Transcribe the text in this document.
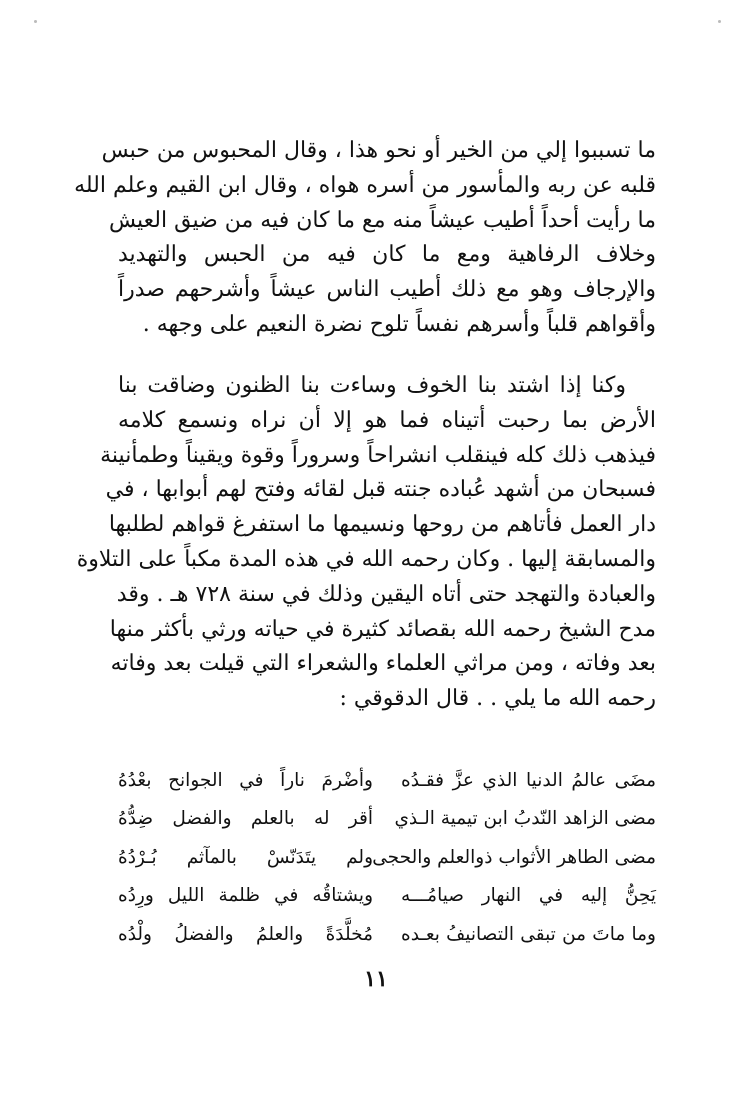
ما تسببوا إلي من الخير أو نحو هذا ، وقال المحبوس من حبس
قلبه عن ربه والمأسور من أسره هواه ، وقال ابن القيم وعلم الله
ما رأيت أحداً أطيب عيشاً منه مع ما كان فيه من ضيق العيش
وخلاف الرفاهية ومع ما كان فيه من الحبس والتهديد
والإرجاف وهو مع ذلك أطيب الناس عيشاً وأشرحهم صدراً
وأقواهم قلباً وأسرهم نفساً تلوح نضرة النعيم على وجهه .
وكنا إذا اشتد بنا الخوف وساءت بنا الظنون وضاقت بنا
الأرض بما رحبت أتيناه فما هو إلا أن نراه ونسمع كلامه
فيذهب ذلك كله فينقلب انشراحاً وسروراً وقوة ويقيناً وطمأنينة
فسبحان من أشهد عُباده جنته قبل لقائه وفتح لهم أبوابها ، في
دار العمل فأتاهم من روحها ونسيمها ما استفرغ قواهم لطلبها
والمسابقة إليها . وكان رحمه الله في هذه المدة مكباً على التلاوة
والعبادة والتهجد حتى أتاه اليقين وذلك في سنة ٧٢٨ هـ . وقد
مدح الشيخ رحمه الله بقصائد كثيرة في حياته ورثي بأكثر منها
بعد وفاته ، ومن مراثي العلماء والشعراء التي قيلت بعد وفاته
رحمه الله ما يلي . . قال الدقوقي :
مضَى عالمُ الدنيا الذي عزَّ فقـدُه
وأضْرمَ ناراً في الجوانح بعْدُهُ
مضى الزاهد النّدبُ ابن تيمية الـذي
أقر له بالعلم والفضل ضِدُّهُ
مضى الطاهر الأثواب ذوالعلم والحجى
ولم يتَدَنّسْ بالمآثم بُـرْدُهُ
يَحِنُّ إليه في النهار صيامُـــه
ويشتاقُه في ظلمة الليل ورِدُه
وما ماتَ من تبقى التصانيفُ بعـده
مُخلَّدَةً والعلمُ والفضلُ ولْدُه
١١
